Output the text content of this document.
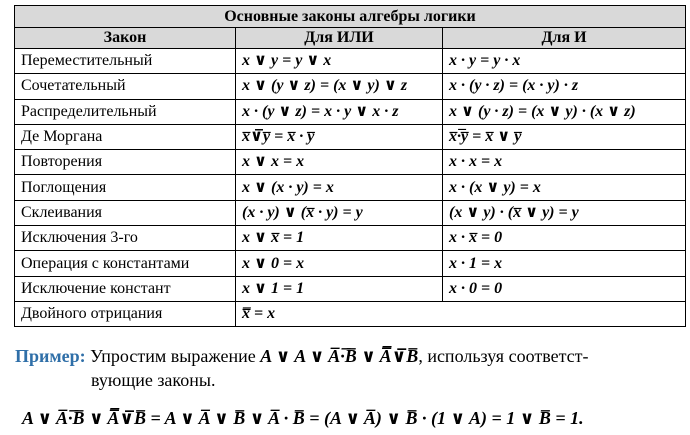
Основные законы алгебры логики		
Закон	Для ИЛИ	Для И
Переместительный	x ∨ y = y ∨ x	x · y = y · x
Сочетательный	x ∨ (y ∨ z) = (x ∨ y) ∨ z	x · (y · z) = (x · y) · z
Распределительный	x · (y ∨ z) = x · y ∨ x · z	x ∨ (y · z) = (x ∨ y) · (x ∨ z)
Де Моргана	x̅∨̅y̅ = x̅ · y̅	x̅·̅y̅ = x̅ ∨ y̅
Повторения	x ∨ x = x	x · x = x
Поглощения	x ∨ (x · y) = x	x · (x ∨ y) = x
Склеивания	(x · y) ∨ (x̅ · y) = y	(x ∨ y) · (x̅ ∨ y) = y
Исключения 3-го	x ∨ x̅ = 1	x · x̅ = 0
Операция с константами	x ∨ 0 = x	x · 1 = x
Исключение констант	x ∨ 1 = 1	x · 0 = 0
Двойного отрицания	x̿ = x	
Пример: Упростим выражение A ∨ A ∨ A̅·̅B̅ ∨ A̿̅∨̅B̅, используя соответст-
вующие законы.
A ∨ A̅·̅B̅ ∨ A̿̅∨̅B̅ = A ∨ A̅ ∨ B̅ ∨ A̅ · B̅ = (A ∨ A̅) ∨ B̅ · (1 ∨ A) = 1 ∨ B̅ = 1.
